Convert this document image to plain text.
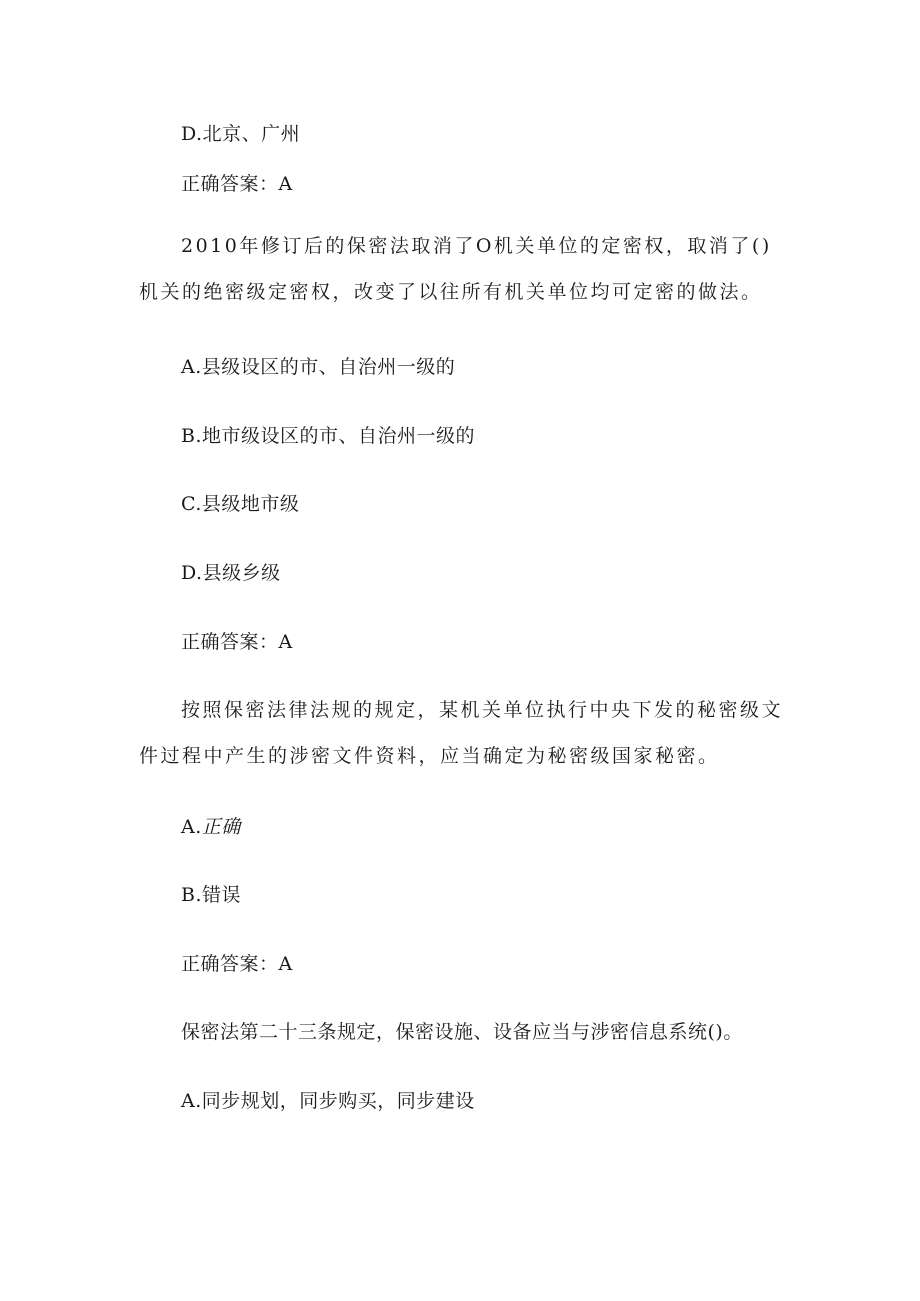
D.北京、广州
正确答案：A
2010年修订后的保密法取消了O机关单位的定密权，取消了()机关的绝密级定密权，改变了以往所有机关单位均可定密的做法。
A.县级设区的市、自治州一级的
B.地市级设区的市、自治州一级的
C.县级地市级
D.县级乡级
正确答案：A
按照保密法律法规的规定，某机关单位执行中央下发的秘密级文件过程中产生的涉密文件资料，应当确定为秘密级国家秘密。
A.正确
B.错误
正确答案：A
保密法第二十三条规定，保密设施、设备应当与涉密信息系统()。
A.同步规划，同步购买，同步建设
